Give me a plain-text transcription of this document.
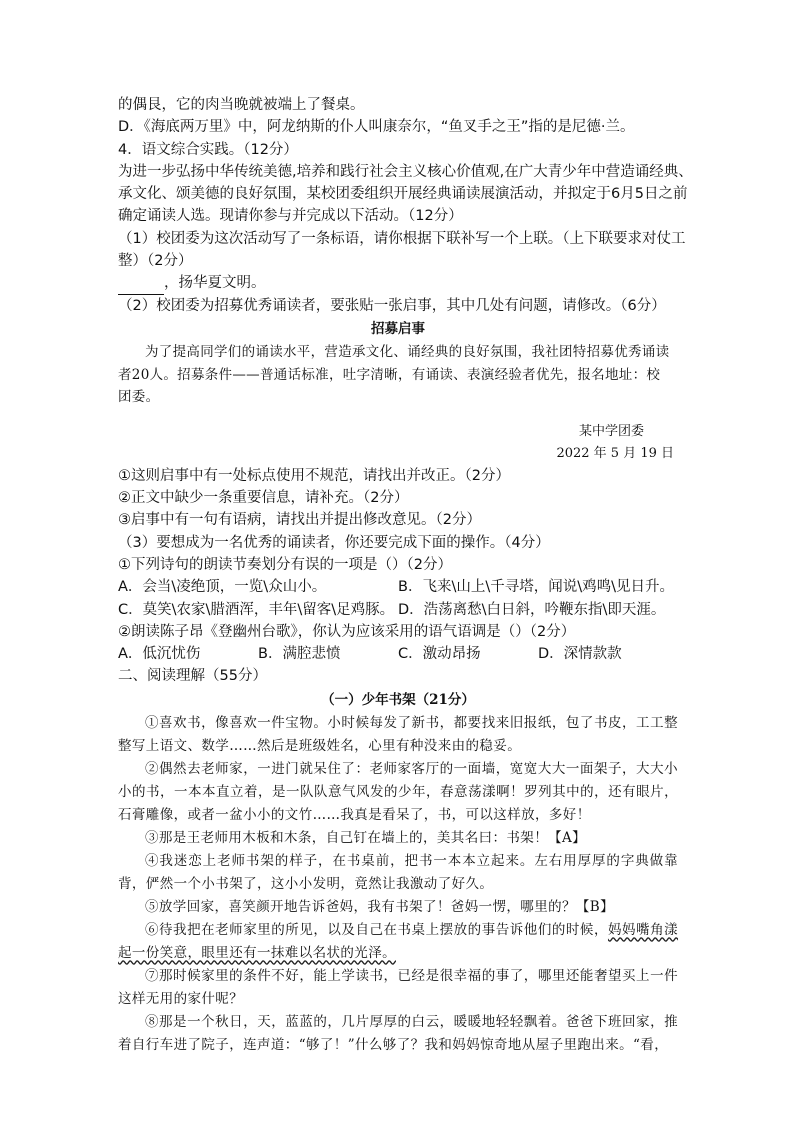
的偶艮，它的肉当晚就被端上了餐桌。
D．《海底两万里》中，阿龙纳斯的仆人叫康奈尔，“鱼叉手之王”指的是尼德·兰。
4．语文综合实践。（12分）
为进一步弘扬中华传统美德,培养和践行社会主义核心价值观,在广大青少年中营造诵经典、
承文化、颂美德的良好氛围，某校团委组织开展经典诵读展演活动，并拟定于6月5日之前
确定诵读人选。现请你参与并完成以下活动。（12分）
（1）校团委为这次活动写了一条标语，请你根据下联补写一个上联。（上下联要求对仗工
整）（2分）
，扬华夏文明。
（2）校团委为招募优秀诵读者，要张贴一张启事，其中几处有问题，请修改。（6分）
招募启事
为了提高同学们的诵读水平，营造承文化、诵经典的良好氛围，我社团特招募优秀诵读
者20人。招募条件——普通话标准，吐字清晰，有诵读、表演经验者优先，报名地址：校
团委。
某中学团委
2022 年 5 月 19 日
①这则启事中有一处标点使用不规范，请找出并改正。（2分）
②正文中缺少一条重要信息，请补充。（2分）
③启事中有一句有语病，请找出并提出修改意见。（2分）
（3）要想成为一名优秀的诵读者，你还要完成下面的操作。（4分）
①下列诗句的朗读节奏划分有误的一项是（）（2分）
A．会当\凌绝顶，一览\众山小。	B．飞来\山上\千寻塔，闻说\鸡鸣\见日升。
C．莫笑\农家\腊酒浑，丰年\留客\足鸡豚。 D．浩荡离愁\白日斜，吟鞭东指\即天涯。
②朗读陈子昂《登幽州台歌》，你认为应该采用的语气语调是（）（2分）
A．低沉忧伤	B．满腔悲愤	C．激动昂扬	D．深情款款
二、阅读理解（55分）
（一）少年书架（21分）
①喜欢书，像喜欢一件宝物。小时候每发了新书，都要找来旧报纸，包了书皮，工工整整写上语文、数学……然后是班级姓名，心里有种没来由的稳妥。
②偶然去老师家，一进门就呆住了：老师家客厅的一面墙，宽宽大大一面架子，大大小小的书，一本本直立着，是一队队意气风发的少年，春意荡漾啊！罗列其中的，还有眼片，石膏雕像，或者一盆小小的文竹……我真是看呆了，书，可以这样放，多好！
③那是王老师用木板和木条，自己钉在墙上的，美其名曰：书架！【A】
④我迷恋上老师书架的样子，在书桌前，把书一本本立起来。左右用厚厚的字典做靠背，俨然一个小书架了，这小小发明，竟然让我激动了好久。
⑤放学回家，喜笑颜开地告诉爸妈，我有书架了！爸妈一愣，哪里的？【B】
⑥待我把在老师家里的所见，以及自己在书桌上摆放的事告诉他们的时候，妈妈嘴角漾起一份笑意，眼里还有一抹难以名状的光泽。
⑦那时候家里的条件不好，能上学读书，已经是很幸福的事了，哪里还能奢望买上一件这样无用的家什呢？
⑧那是一个秋日，天，蓝蓝的，几片厚厚的白云，暖暖地轻轻飘着。爸爸下班回家，推着自行车进了院子，连声道：“够了！”什么够了？我和妈妈惊奇地从屋子里跑出来。“看，
